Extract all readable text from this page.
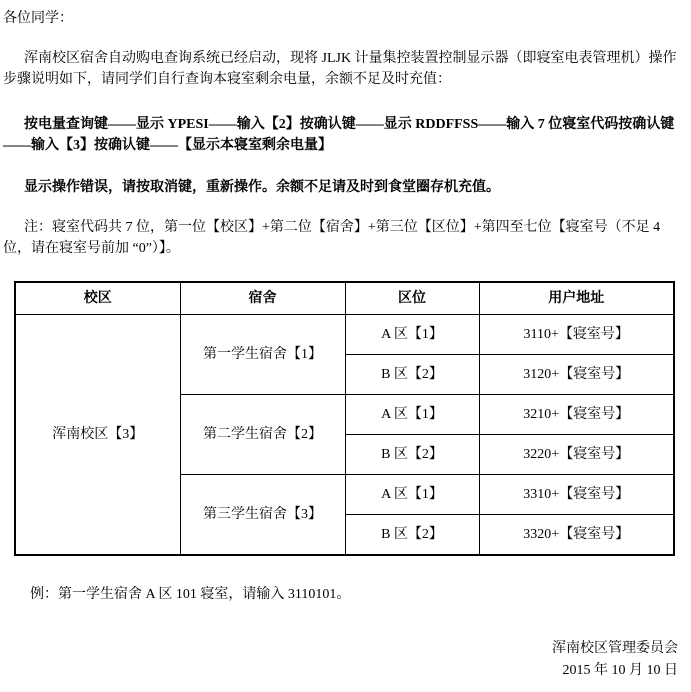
各位同学：

浑南校区宿舍自动购电查询系统已经启动，现将 JLJK 计量集控装置控制显示器（即寝室电表管理机）操作步骤说明如下，请同学们自行查询本寝室剩余电量，余额不足及时充值：

按电量查询键——显示 YPESI——输入【2】按确认键——显示 RDDFFSS——输入 7 位寝室代码按确认键——输入【3】按确认键——【显示本寝室剩余电量】

显示操作错误，请按取消键，重新操作。余额不足请及时到食堂圈存机充值。

注：寝室代码共 7 位，第一位【校区】+第二位【宿舍】+第三位【区位】+第四至七位【寝室号（不足 4 位，请在寝室号前加 “0”）】。

校区	宿舍	区位	用户地址
浑南校区【3】	第一学生宿舍【1】	A 区【1】	3110+【寝室号】
		B 区【2】	3120+【寝室号】
	第二学生宿舍【2】	A 区【1】	3210+【寝室号】
		B 区【2】	3220+【寝室号】
	第三学生宿舍【3】	A 区【1】	3310+【寝室号】
		B 区【2】	3320+【寝室号】

例：第一学生宿舍 A 区 101 寝室，请输入 3110101。

浑南校区管理委员会

2015 年 10 月 10 日
